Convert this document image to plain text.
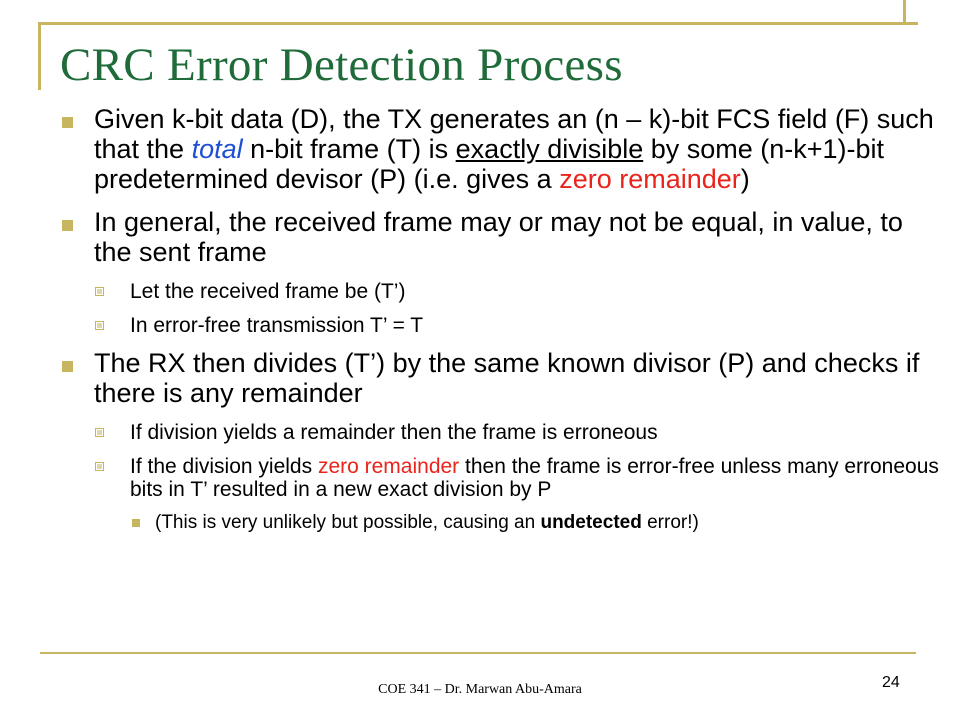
CRC Error Detection Process
Given k-bit data (D), the TX generates an (n – k)-bit FCS field (F) such that the total n-bit frame (T) is exactly divisible by some (n-k+1)-bit predetermined devisor (P) (i.e. gives a zero remainder)
In general, the received frame may or may not be equal, in value, to the sent frame
Let the received frame be (T’)
In error-free transmission T’ = T
The RX then divides (T’) by the same known divisor (P) and checks if there is any remainder
If division yields a remainder then the frame is erroneous
If the division yields zero remainder then the frame is error-free unless many erroneous bits in T’ resulted in a new exact division by P
(This is very unlikely but possible, causing an undetected error!)
COE 341 – Dr. Marwan Abu-Amara	24
